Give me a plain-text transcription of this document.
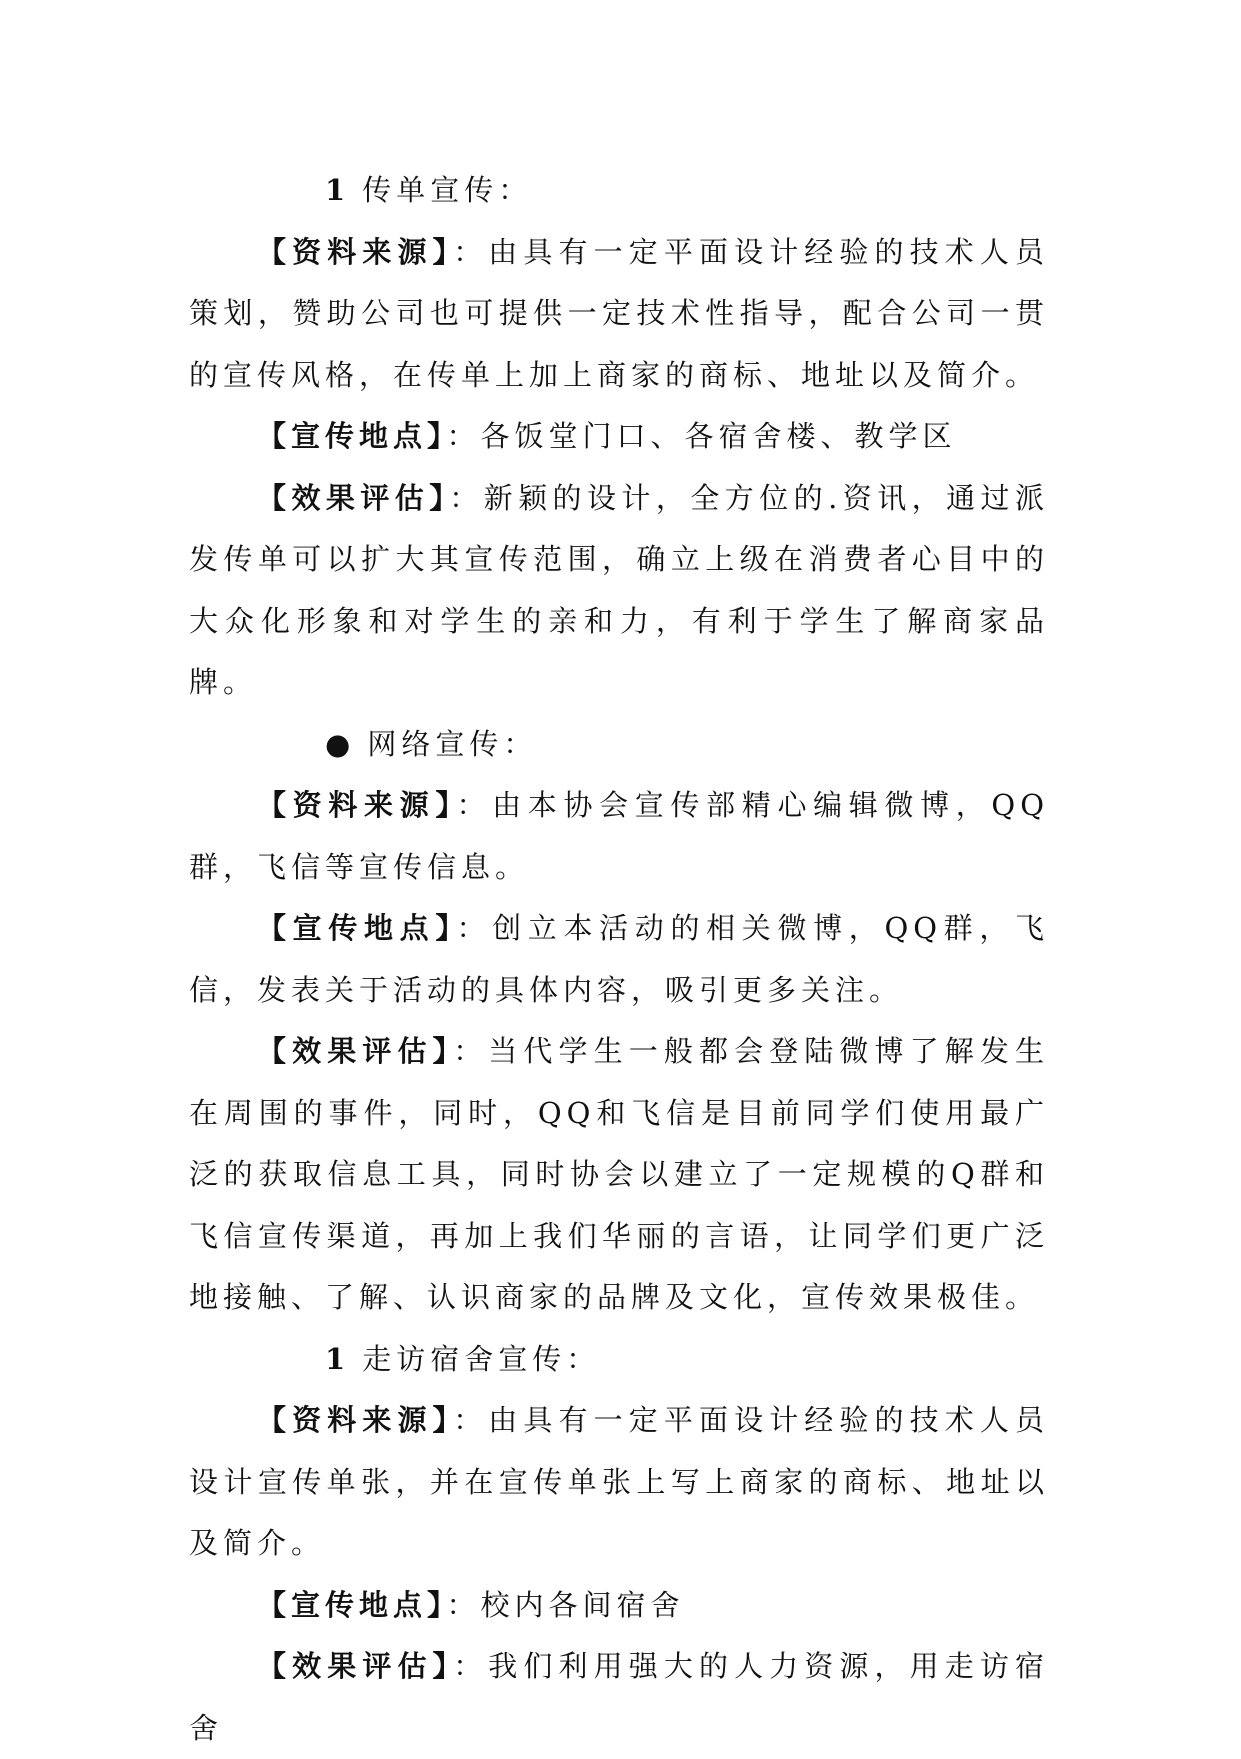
1 传单宣传：

【资料来源】：由具有一定平面设计经验的技术人员策划，赞助公司也可提供一定技术性指导，配合公司一贯的宣传风格，在传单上加上商家的商标、地址以及简介。

【宣传地点】：各饭堂门口、各宿舍楼、教学区

【效果评估】：新颖的设计，全方位的.资讯，通过派发传单可以扩大其宣传范围，确立上级在消费者心目中的大众化形象和对学生的亲和力，有利于学生了解商家品牌。

● 网络宣传：

【资料来源】：由本协会宣传部精心编辑微博，QQ群，飞信等宣传信息。

【宣传地点】：创立本活动的相关微博，QQ群，飞信，发表关于活动的具体内容，吸引更多关注。

【效果评估】：当代学生一般都会登陆微博了解发生在周围的事件，同时，QQ和飞信是目前同学们使用最广泛的获取信息工具，同时协会以建立了一定规模的Q群和飞信宣传渠道，再加上我们华丽的言语，让同学们更广泛地接触、了解、认识商家的品牌及文化，宣传效果极佳。

1 走访宿舍宣传：

【资料来源】：由具有一定平面设计经验的技术人员设计宣传单张，并在宣传单张上写上商家的商标、地址以及简介。

【宣传地点】：校内各间宿舍

【效果评估】：我们利用强大的人力资源，用走访宿舍
